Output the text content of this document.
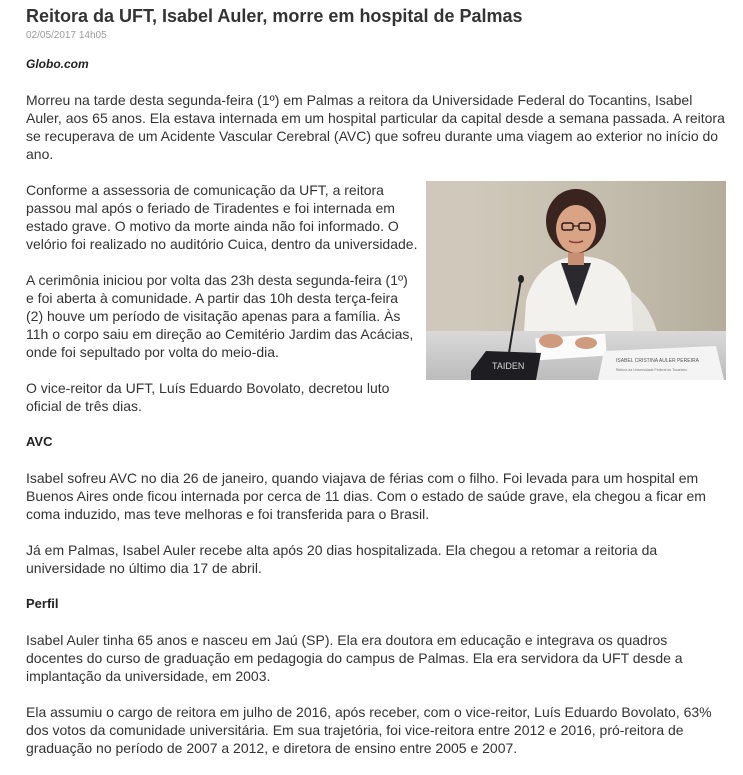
Reitora da UFT, Isabel Auler, morre em hospital de Palmas
02/05/2017 14h05
Globo.com

Morreu na tarde desta segunda-feira (1º) em Palmas a reitora da Universidade Federal do Tocantins, Isabel Auler, aos 65 anos. Ela estava internada em um hospital particular da capital desde a semana passada. A reitora se recuperava de um Acidente Vascular Cerebral (AVC) que sofreu durante uma viagem ao exterior no início do ano.

TAIDEN	ISABEL CRISTINA AULER PEREIRA
Reitora da Universidade Federal do Tocantins

Conforme a assessoria de comunicação da UFT, a reitora passou mal após o feriado de Tiradentes e foi internada em estado grave. O motivo da morte ainda não foi informado. O velório foi realizado no auditório Cuica, dentro da universidade.

A cerimônia iniciou por volta das 23h desta segunda-feira (1º) e foi aberta à comunidade. A partir das 10h desta terça-feira (2) houve um período de visitação apenas para a família. Às 11h o corpo saiu em direção ao Cemitério Jardim das Acácias, onde foi sepultado por volta do meio-dia.

O vice-reitor da UFT, Luís Eduardo Bovolato, decretou luto oficial de três dias.

AVC

Isabel sofreu AVC no dia 26 de janeiro, quando viajava de férias com o filho. Foi levada para um hospital em Buenos Aires onde ficou internada por cerca de 11 dias. Com o estado de saúde grave, ela chegou a ficar em coma induzido, mas teve melhoras e foi transferida para o Brasil.

Já em Palmas, Isabel Auler recebe alta após 20 dias hospitalizada. Ela chegou a retomar a reitoria da universidade no último dia 17 de abril.

Perfil

Isabel Auler tinha 65 anos e nasceu em Jaú (SP). Ela era doutora em educação e integrava os quadros docentes do curso de graduação em pedagogia do campus de Palmas. Ela era servidora da UFT desde a implantação da universidade, em 2003.

Ela assumiu o cargo de reitora em julho de 2016, após receber, com o vice-reitor, Luís Eduardo Bovolato, 63% dos votos da comunidade universitária. Em sua trajetória, foi vice-reitora entre 2012 e 2016, pró-reitora de graduação no período de 2007 a 2012, e diretora de ensino entre 2005 e 2007.
